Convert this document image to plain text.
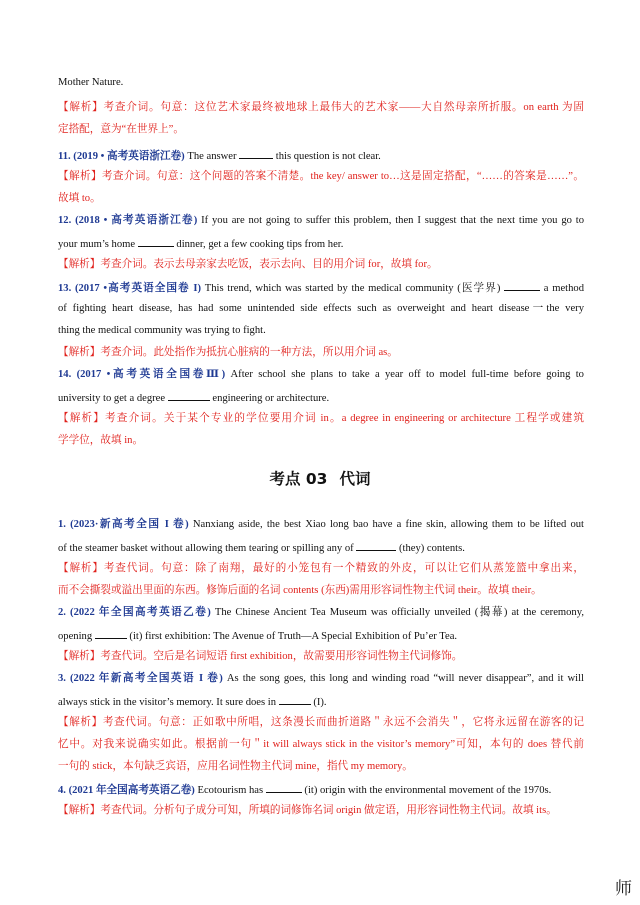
Mother Nature.
【解析】考查介词。句意：这位艺术家最终被地球上最伟大的艺术家——大自然母亲所折服。on earth 为固
定搭配，意为“在世界上”。
11. (2019 • 高考英语浙江卷) The answer	this question is not clear.
【解析】考查介词。句意：这个问题的答案不清楚。the key/ answer to…这是固定搭配，“……的答案是……”。
故填 to。
12. (2018 • 高考英语浙江卷) If you are not going to suffer this problem, then I suggest that the next time you go to
your mum’s home	dinner, get a few cooking tips from her.
【解析】考查介词。表示去母亲家去吃饭，表示去向、目的用介词 for，故填 for。
13. (2017 •高考英语全国卷 I) This trend, which was started by the medical community (医学界)	a method
of fighting heart disease, has had some unintended side effects such as overweight and heart disease一the very
thing the medical community was trying to fight.
【解析】考查介词。此处指作为抵抗心脏病的一种方法，所以用介词 as。
14. (2017 •高考英语全国卷Ⅲ) After school she plans to take a year off to model full-time before going to
university to get a degree	engineering or architecture.
【解析】考查介词。关于某个专业的学位要用介词 in。a degree in engineering or architecture 工程学或建筑
学学位，故填 in。
考点 03 代词
1. (2023·新高考全国 I 卷) Nanxiang aside, the best Xiao long bao have a fine skin, allowing them to be lifted out
of the steamer basket without allowing them tearing or spilling any of	(they) contents.
【解析】考查代词。句意：除了南翔，最好的小笼包有一个精致的外皮，可以让它们从蒸笼篮中拿出来，
而不会撕裂或溢出里面的东西。修饰后面的名词 contents (东西)需用形容词性物主代词 their。故填 their。
2. (2022 年全国高考英语乙卷) The Chinese Ancient Tea Museum was officially unveiled (揭幕) at the ceremony,
opening	(it) first exhibition: The Avenue of Truth—A Special Exhibition of Pu’er Tea.
【解析】考查代词。空后是名词短语 first exhibition，故需要用形容词性物主代词修饰。
3. (2022 年新高考全国英语 I 卷) As the song goes, this long and winding road “will never disappear”, and it will
always stick in the visitor’s memory. It sure does in	(I).
【解析】考查代词。句意：正如歌中所唱，这条漫长而曲折道路＂永远不会消失＂，它将永远留在游客的记
忆中。对我来说确实如此。根据前一句＂it will always stick in the visitor’s memory”可知，本句的 does 替代前
一句的 stick，本句缺乏宾语，应用名词性物主代词 mine，指代 my memory。
4. (2021 年全国高考英语乙卷) Ecotourism has	(it) origin with the environmental movement of the 1970s.
【解析】考查代词。分析句子成分可知，所填的词修饰名词 origin 做定语，用形容词性物主代词。故填 its。
师
